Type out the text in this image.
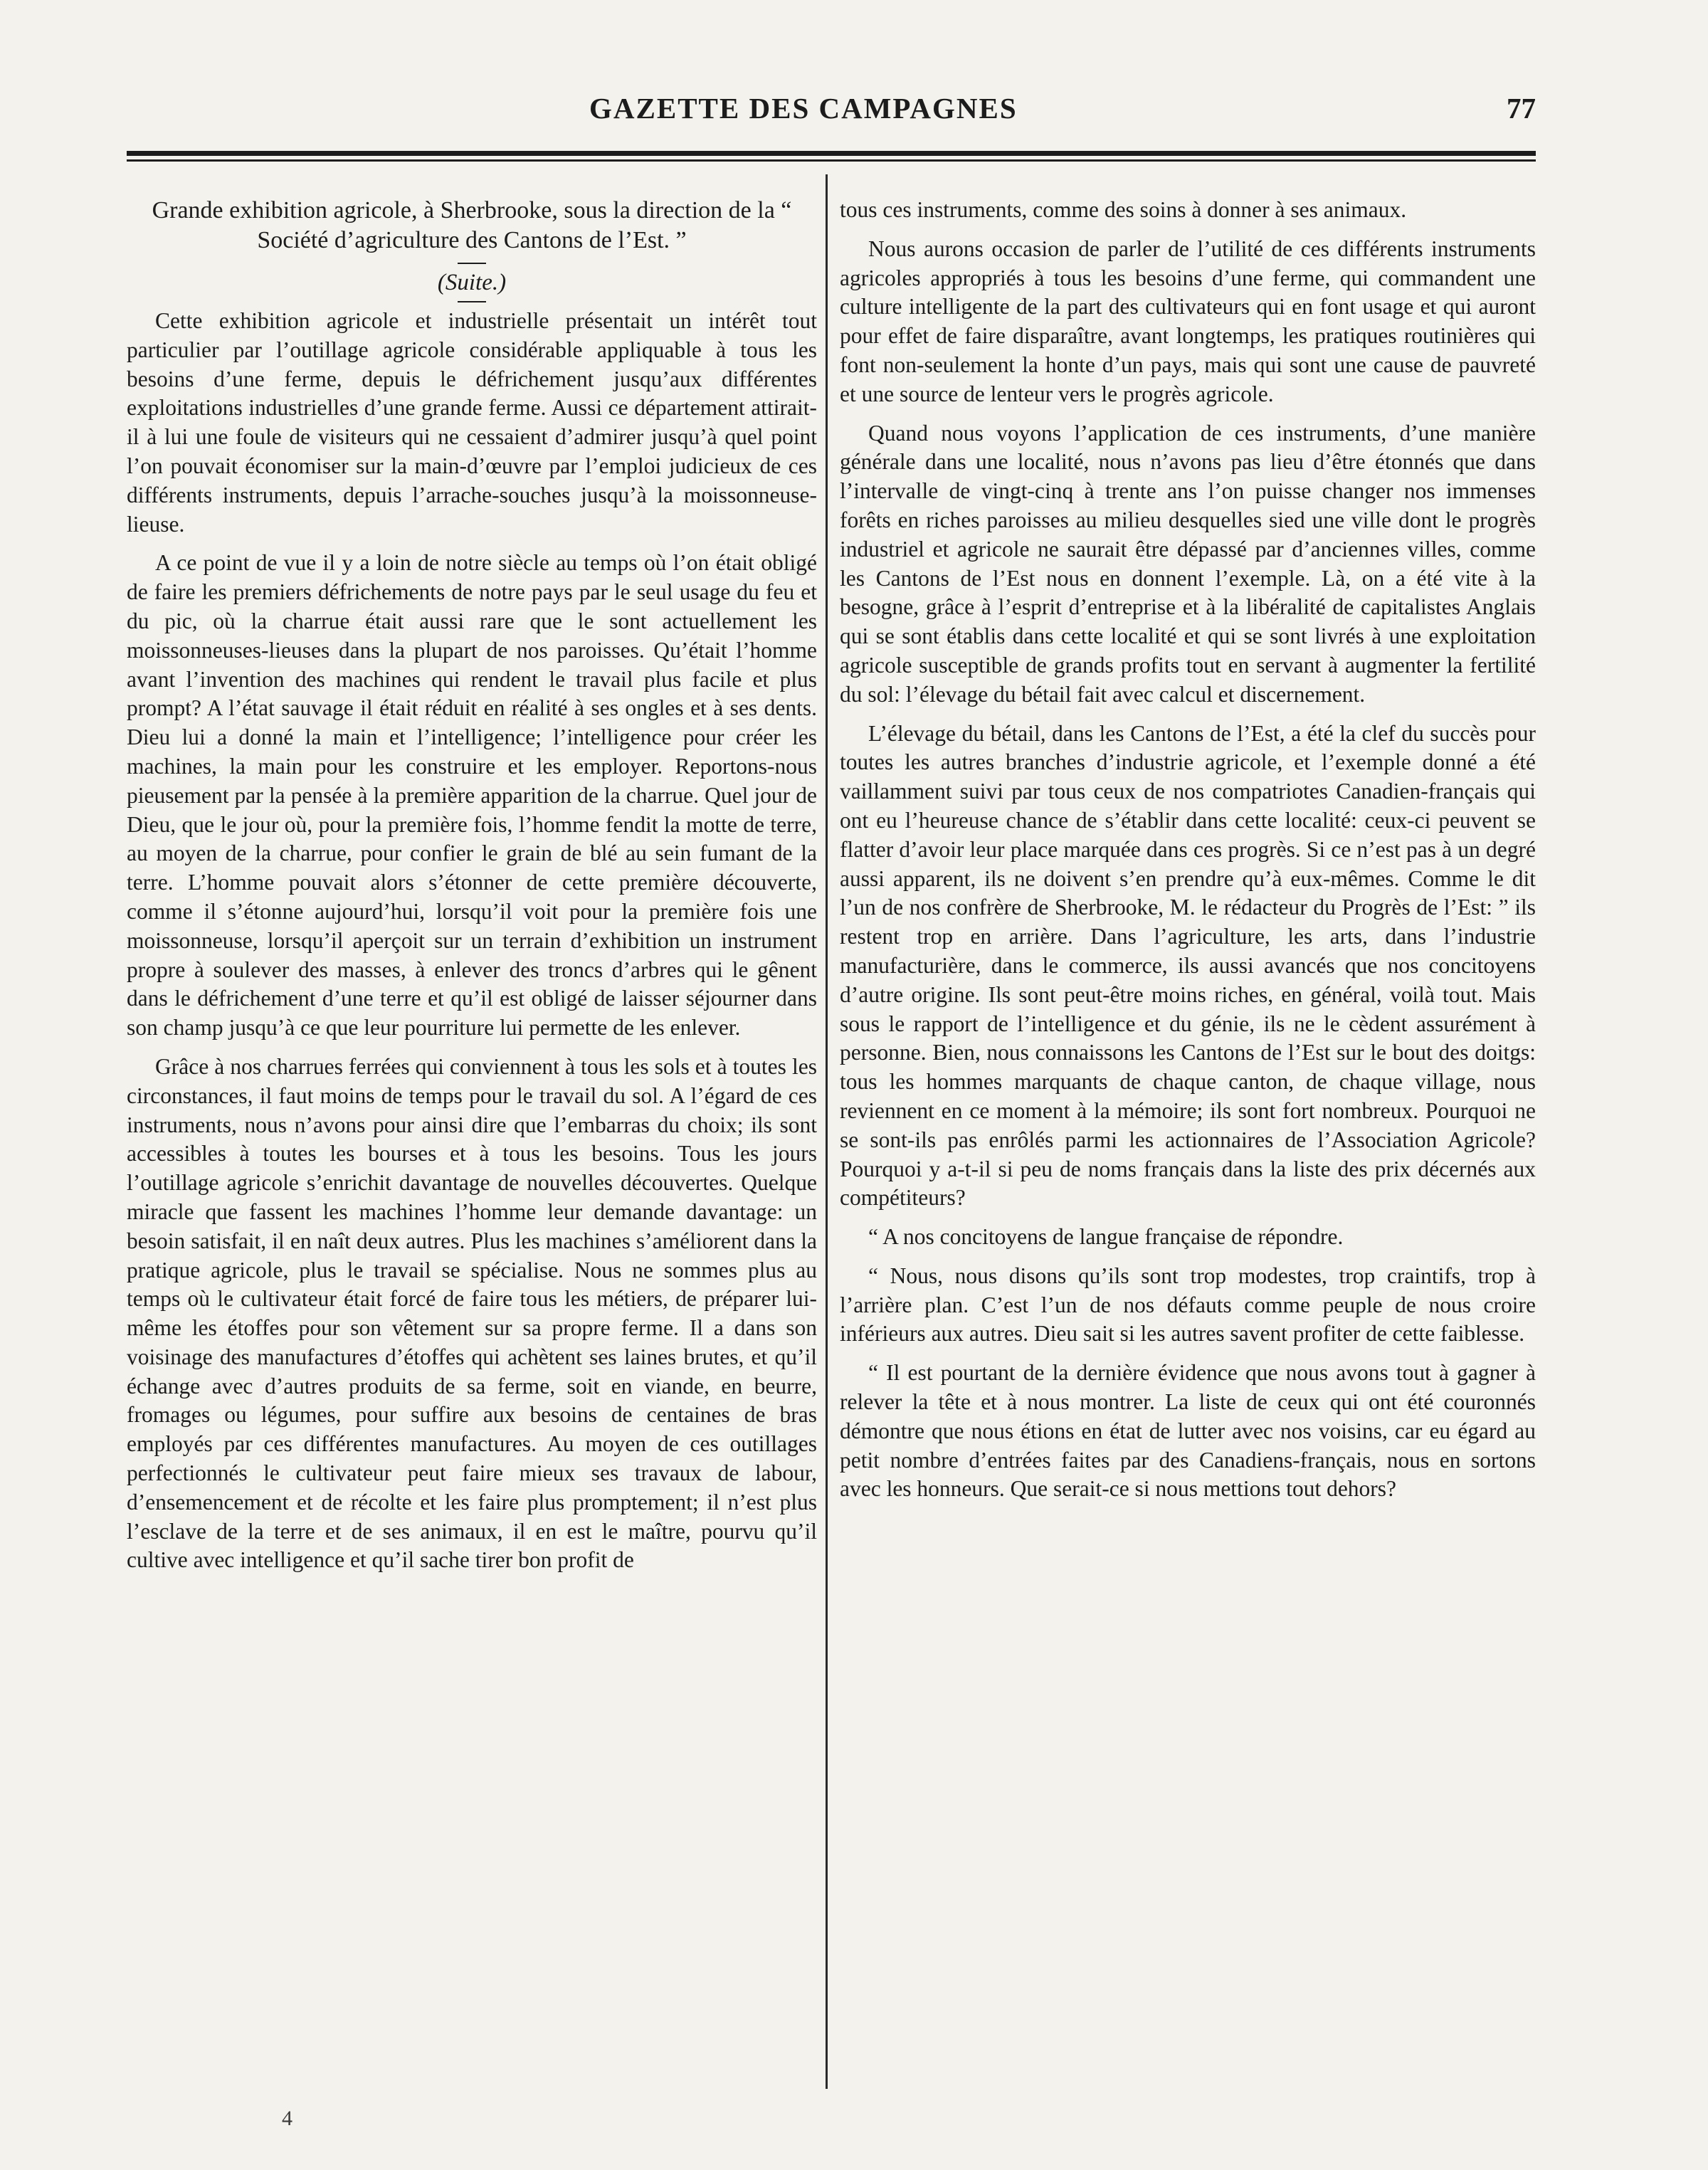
GAZETTE DES CAMPAGNES	77
Grande exhibition agricole, à Sherbrooke, sous la direction de la “ Société d’agriculture des Cantons de l’Est. ”
(Suite.)

Cette exhibition agricole et industrielle présentait un intérêt tout particulier par l’outillage agricole considérable appliquable à tous les besoins d’une ferme, depuis le défrichement jusqu’aux différentes exploitations industrielles d’une grande ferme. Aussi ce département attirait-il à lui une foule de visiteurs qui ne cessaient d’admirer jusqu’à quel point l’on pouvait économiser sur la main-d’œuvre par l’emploi judicieux de ces différents instruments, depuis l’arrache-souches jusqu’à la moissonneuse-lieuse.

A ce point de vue il y a loin de notre siècle au temps où l’on était obligé de faire les premiers défrichements de notre pays par le seul usage du feu et du pic, où la charrue était aussi rare que le sont actuellement les moissonneuses-lieuses dans la plupart de nos paroisses. Qu’était l’homme avant l’invention des machines qui rendent le travail plus facile et plus prompt? A l’état sauvage il était réduit en réalité à ses ongles et à ses dents. Dieu lui a donné la main et l’intelligence; l’intelligence pour créer les machines, la main pour les construire et les employer. Reportons-nous pieusement par la pensée à la première apparition de la charrue. Quel jour de Dieu, que le jour où, pour la première fois, l’homme fendit la motte de terre, au moyen de la charrue, pour confier le grain de blé au sein fumant de la terre. L’homme pouvait alors s’étonner de cette première découverte, comme il s’étonne aujourd’hui, lorsqu’il voit pour la première fois une moissonneuse, lorsqu’il aperçoit sur un terrain d’exhibition un instrument propre à soulever des masses, à enlever des troncs d’arbres qui le gênent dans le défrichement d’une terre et qu’il est obligé de laisser séjourner dans son champ jusqu’à ce que leur pourriture lui permette de les enlever.

Grâce à nos charrues ferrées qui conviennent à tous les sols et à toutes les circonstances, il faut moins de temps pour le travail du sol. A l’égard de ces instruments, nous n’avons pour ainsi dire que l’embarras du choix; ils sont accessibles à toutes les bourses et à tous les besoins. Tous les jours l’outillage agricole s’enrichit davantage de nouvelles découvertes. Quelque miracle que fassent les machines l’homme leur demande davantage: un besoin satisfait, il en naît deux autres. Plus les machines s’améliorent dans la pratique agricole, plus le travail se spécialise. Nous ne sommes plus au temps où le cultivateur était forcé de faire tous les métiers, de préparer lui-même les étoffes pour son vêtement sur sa propre ferme. Il a dans son voisinage des manufactures d’étoffes qui achètent ses laines brutes, et qu’il échange avec d’autres produits de sa ferme, soit en viande, en beurre, fromages ou légumes, pour suffire aux besoins de centaines de bras employés par ces différentes manufactures. Au moyen de ces outillages perfectionnés le cultivateur peut faire mieux ses travaux de labour, d’ensemencement et de récolte et les faire plus promptement; il n’est plus l’esclave de la terre et de ses animaux, il en est le maître, pourvu qu’il cultive avec intelligence et qu’il sache tirer bon profit de

tous ces instruments, comme des soins à donner à ses animaux.

Nous aurons occasion de parler de l’utilité de ces différents instruments agricoles appropriés à tous les besoins d’une ferme, qui commandent une culture intelligente de la part des cultivateurs qui en font usage et qui auront pour effet de faire disparaître, avant longtemps, les pratiques routinières qui font non-seulement la honte d’un pays, mais qui sont une cause de pauvreté et une source de lenteur vers le progrès agricole.

Quand nous voyons l’application de ces instruments, d’une manière générale dans une localité, nous n’avons pas lieu d’être étonnés que dans l’intervalle de vingt-cinq à trente ans l’on puisse changer nos immenses forêts en riches paroisses au milieu desquelles sied une ville dont le progrès industriel et agricole ne saurait être dépassé par d’anciennes villes, comme les Cantons de l’Est nous en donnent l’exemple. Là, on a été vite à la besogne, grâce à l’esprit d’entreprise et à la libéralité de capitalistes Anglais qui se sont établis dans cette localité et qui se sont livrés à une exploitation agricole susceptible de grands profits tout en servant à augmenter la fertilité du sol: l’élevage du bétail fait avec calcul et discernement.

L’élevage du bétail, dans les Cantons de l’Est, a été la clef du succès pour toutes les autres branches d’industrie agricole, et l’exemple donné a été vaillamment suivi par tous ceux de nos compatriotes Canadien-français qui ont eu l’heureuse chance de s’établir dans cette localité: ceux-ci peuvent se flatter d’avoir leur place marquée dans ces progrès. Si ce n’est pas à un degré aussi apparent, ils ne doivent s’en prendre qu’à eux-mêmes. Comme le dit l’un de nos confrère de Sherbrooke, M. le rédacteur du Progrès de l’Est: ” ils restent trop en arrière. Dans l’agriculture, les arts, dans l’industrie manufacturière, dans le commerce, ils aussi avancés que nos concitoyens d’autre origine. Ils sont peut-être moins riches, en général, voilà tout. Mais sous le rapport de l’intelligence et du génie, ils ne le cèdent assurément à personne. Bien, nous connaissons les Cantons de l’Est sur le bout des doitgs: tous les hommes marquants de chaque canton, de chaque village, nous reviennent en ce moment à la mémoire; ils sont fort nombreux. Pourquoi ne se sont-ils pas enrôlés parmi les actionnaires de l’Association Agricole? Pourquoi y a-t-il si peu de noms français dans la liste des prix décernés aux compétiteurs?

“ A nos concitoyens de langue française de répondre.

“ Nous, nous disons qu’ils sont trop modestes, trop craintifs, trop à l’arrière plan. C’est l’un de nos défauts comme peuple de nous croire inférieurs aux autres. Dieu sait si les autres savent profiter de cette faiblesse.

“ Il est pourtant de la dernière évidence que nous avons tout à gagner à relever la tête et à nous montrer. La liste de ceux qui ont été couronnés démontre que nous étions en état de lutter avec nos voisins, car eu égard au petit nombre d’entrées faites par des Canadiens-français, nous en sortons avec les honneurs. Que serait-ce si nous mettions tout dehors?

4
